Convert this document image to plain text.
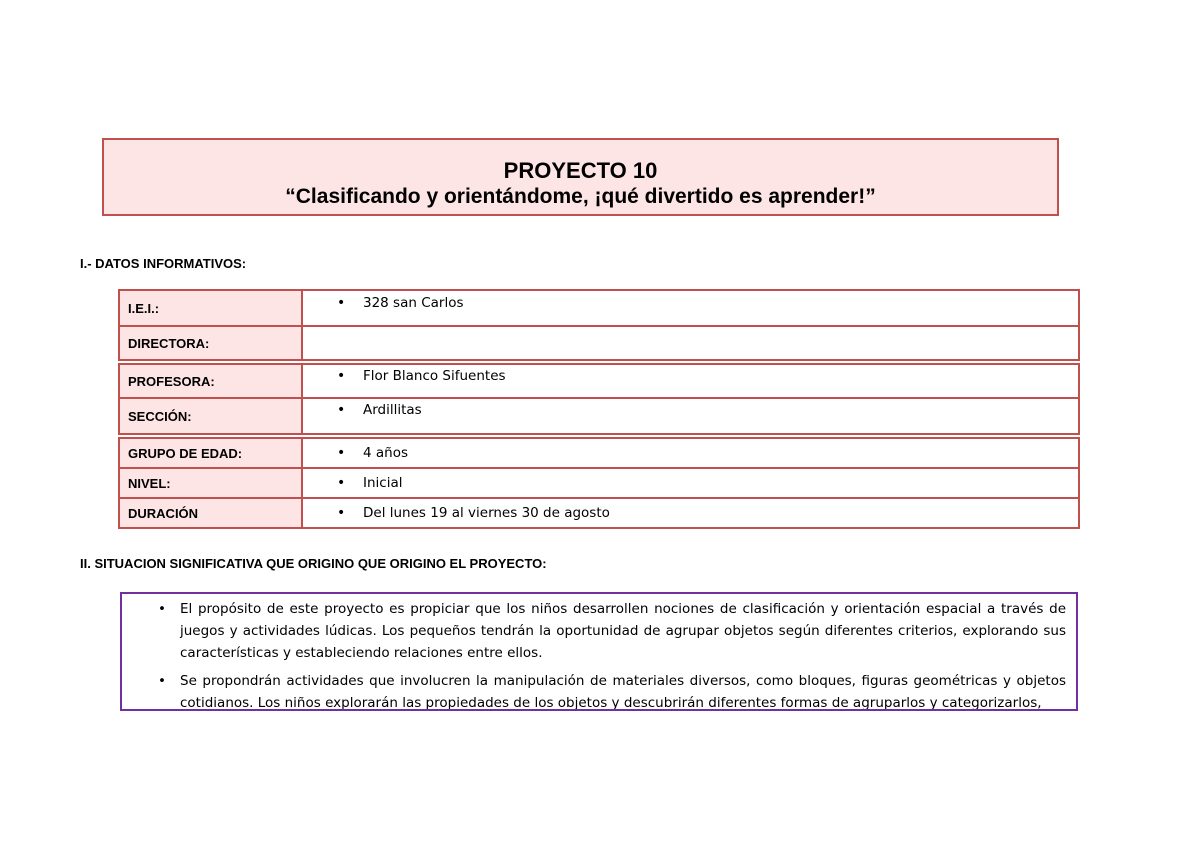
PROYECTO 10
“Clasificando y orientándome, ¡qué divertido es aprender!”
I.- DATOS INFORMATIVOS:
I.E.I.:	• 328 san Carlos
DIRECTORA:
PROFESORA:	• Flor Blanco Sifuentes
SECCIÓN:	• Ardillitas
GRUPO DE EDAD:	• 4 años
NIVEL:	• Inicial
DURACIÓN	• Del lunes 19 al viernes 30 de agosto
II. SITUACION SIGNIFICATIVA QUE ORIGINO QUE ORIGINO EL PROYECTO:
• El propósito de este proyecto es propiciar que los niños desarrollen nociones de clasificación y orientación espacial a través de juegos y actividades lúdicas. Los pequeños tendrán la oportunidad de agrupar objetos según diferentes criterios, explorando sus características y estableciendo relaciones entre ellos.
• Se propondrán actividades que involucren la manipulación de materiales diversos, como bloques, figuras geométricas y objetos cotidianos. Los niños explorarán las propiedades de los objetos y descubrirán diferentes formas de agruparlos y categorizarlos,
